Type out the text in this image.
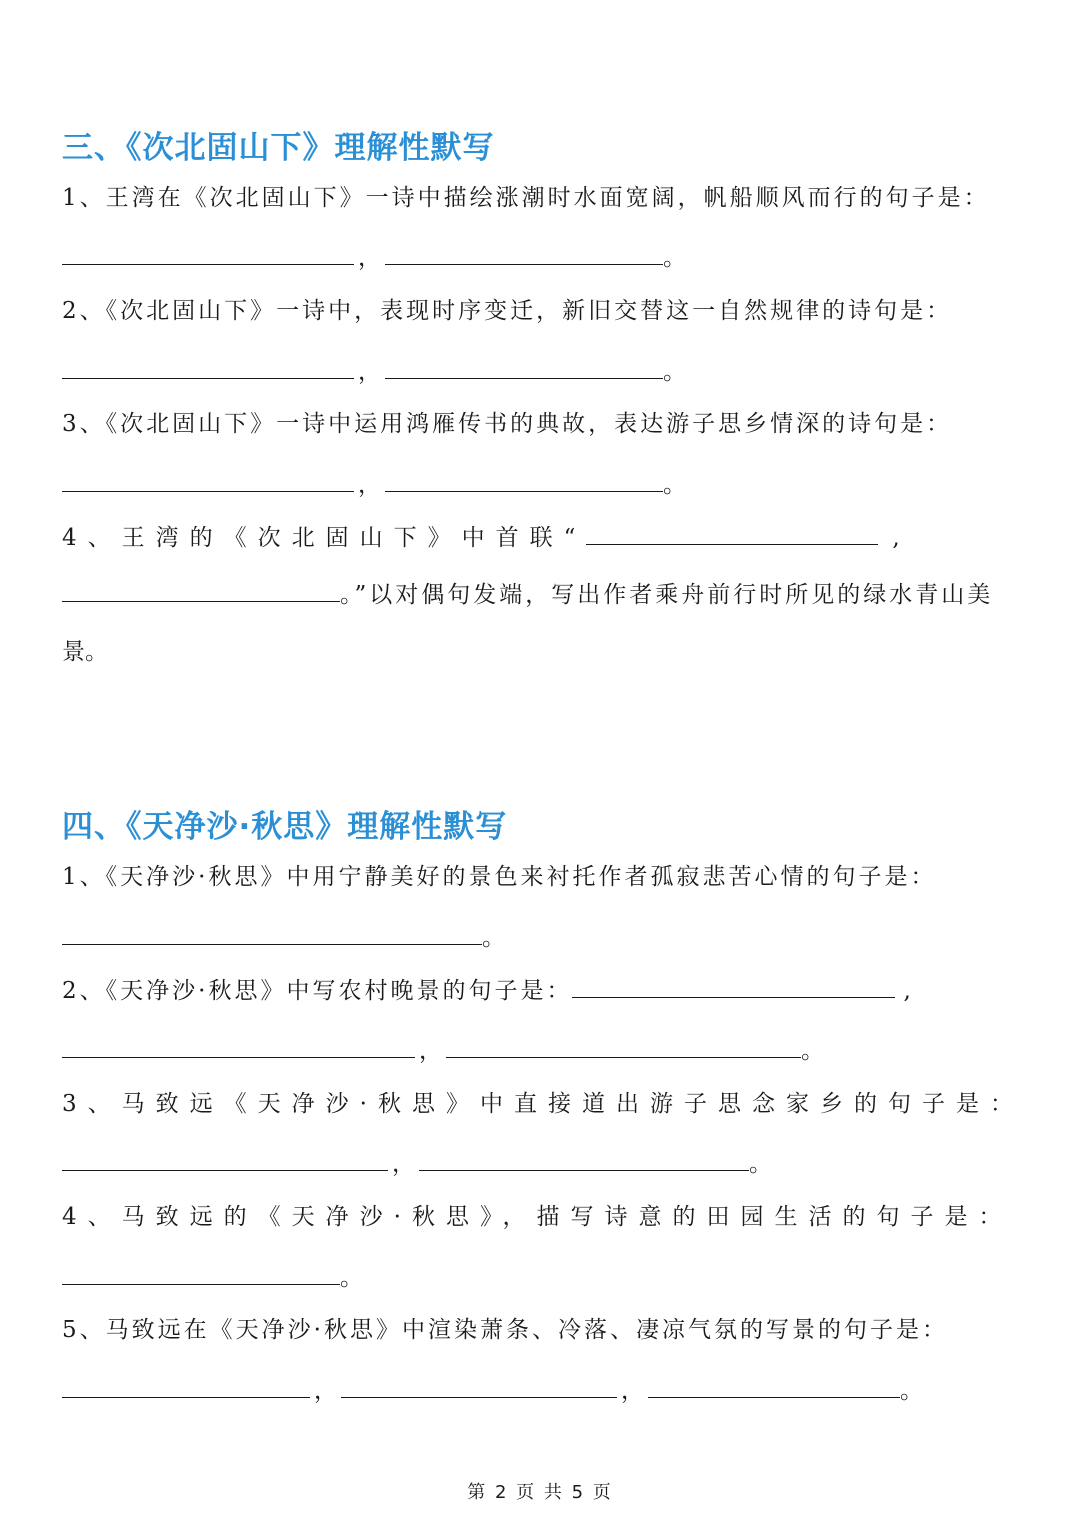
三、《次北固山下》理解性默写
1、王湾在《次北固山下》一诗中描绘涨潮时水面宽阔，帆船顺风而行的句子是：
，	。
2、《次北固山下》一诗中，表现时序变迁，新旧交替这一自然规律的诗句是：
，	。
3、《次北固山下》一诗中运用鸿雁传书的典故，表达游子思乡情深的诗句是：
，	。
4、王湾的《次北固山下》中首联“	,
。”以对偶句发端，写出作者乘舟前行时所见的绿水青山美
景。
四、《天净沙·秋思》理解性默写
1、《天净沙·秋思》中用宁静美好的景色来衬托作者孤寂悲苦心情的句子是：
。
2、《天净沙·秋思》中写农村晚景的句子是：	,
，	。
3、马致远《天净沙·秋思》中直接道出游子思念家乡的句子是：
，	。
4、马致远的《天净沙·秋思》，描写诗意的田园生活的句子是：
。
5、马致远在《天净沙·秋思》中渲染萧条、冷落、凄凉气氛的写景的句子是：
，	，	。
第 2 页 共 5 页
